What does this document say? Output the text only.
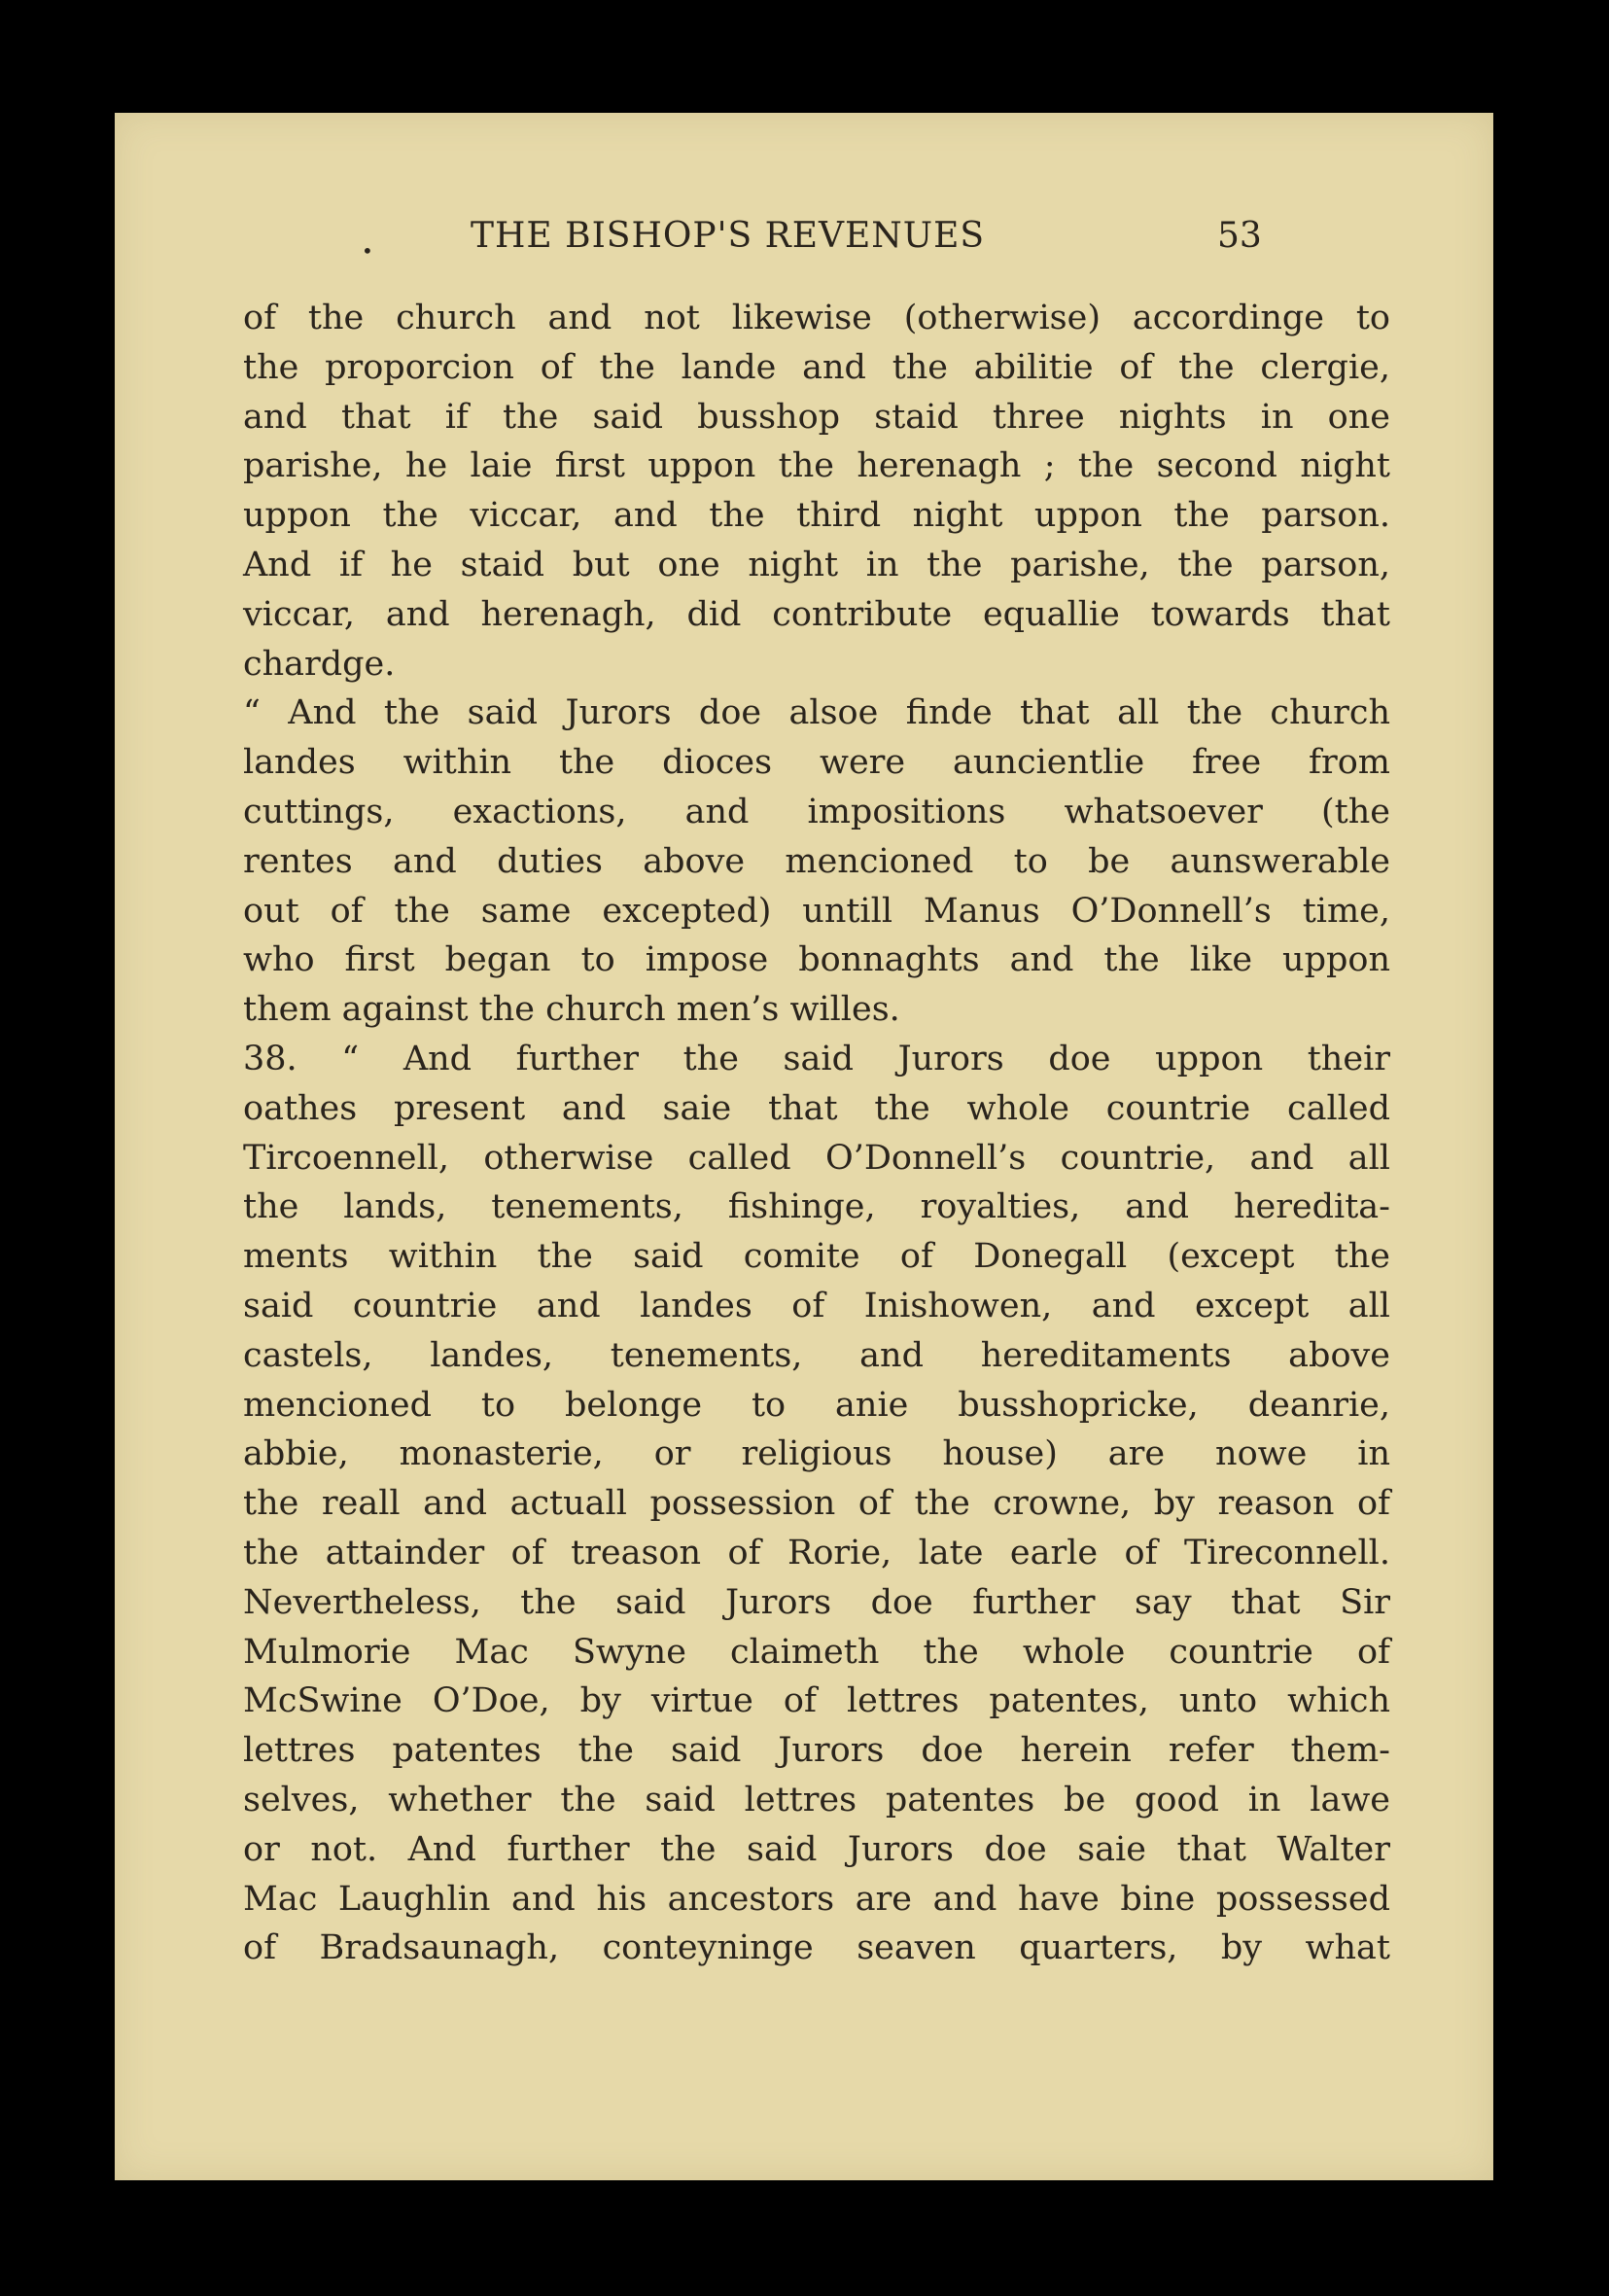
•	THE BISHOP'S REVENUES	53
of the church and not likewise (otherwise) accordinge to
the proporcion of the lande and the abilitie of the clergie,
and that if the said busshop staid three nights in one
parishe, he laie first uppon the herenagh ; the second night
uppon the viccar, and the third night uppon the parson.
And if he staid but one night in the parishe, the parson,
viccar, and herenagh, did contribute equallie towards that
chardge.
“ And the said Jurors doe alsoe finde that all the church
landes within the dioces were auncientlie free from
cuttings, exactions, and impositions whatsoever (the
rentes and duties above mencioned to be aunswerable
out of the same excepted) untill Manus O’Donnell’s time,
who first began to impose bonnaghts and the like uppon
them against the church men’s willes.
38. “ And further the said Jurors doe uppon their
oathes present and saie that the whole countrie called
Tircoennell, otherwise called O’Donnell’s countrie, and all
the lands, tenements, fishinge, royalties, and heredita-
ments within the said comite of Donegall (except the
said countrie and landes of Inishowen, and except all
castels, landes, tenements, and hereditaments above
mencioned to belonge to anie busshopricke, deanrie,
abbie, monasterie, or religious house) are nowe in
the reall and actuall possession of the crowne, by reason of
the attainder of treason of Rorie, late earle of Tireconnell.
Nevertheless, the said Jurors doe further say that Sir
Mulmorie Mac Swyne claimeth the whole countrie of
McSwine O’Doe, by virtue of lettres patentes, unto which
lettres patentes the said Jurors doe herein refer them-
selves, whether the said lettres patentes be good in lawe
or not. And further the said Jurors doe saie that Walter
Mac Laughlin and his ancestors are and have bine possessed
of Bradsaunagh, conteyninge seaven quarters, by what
